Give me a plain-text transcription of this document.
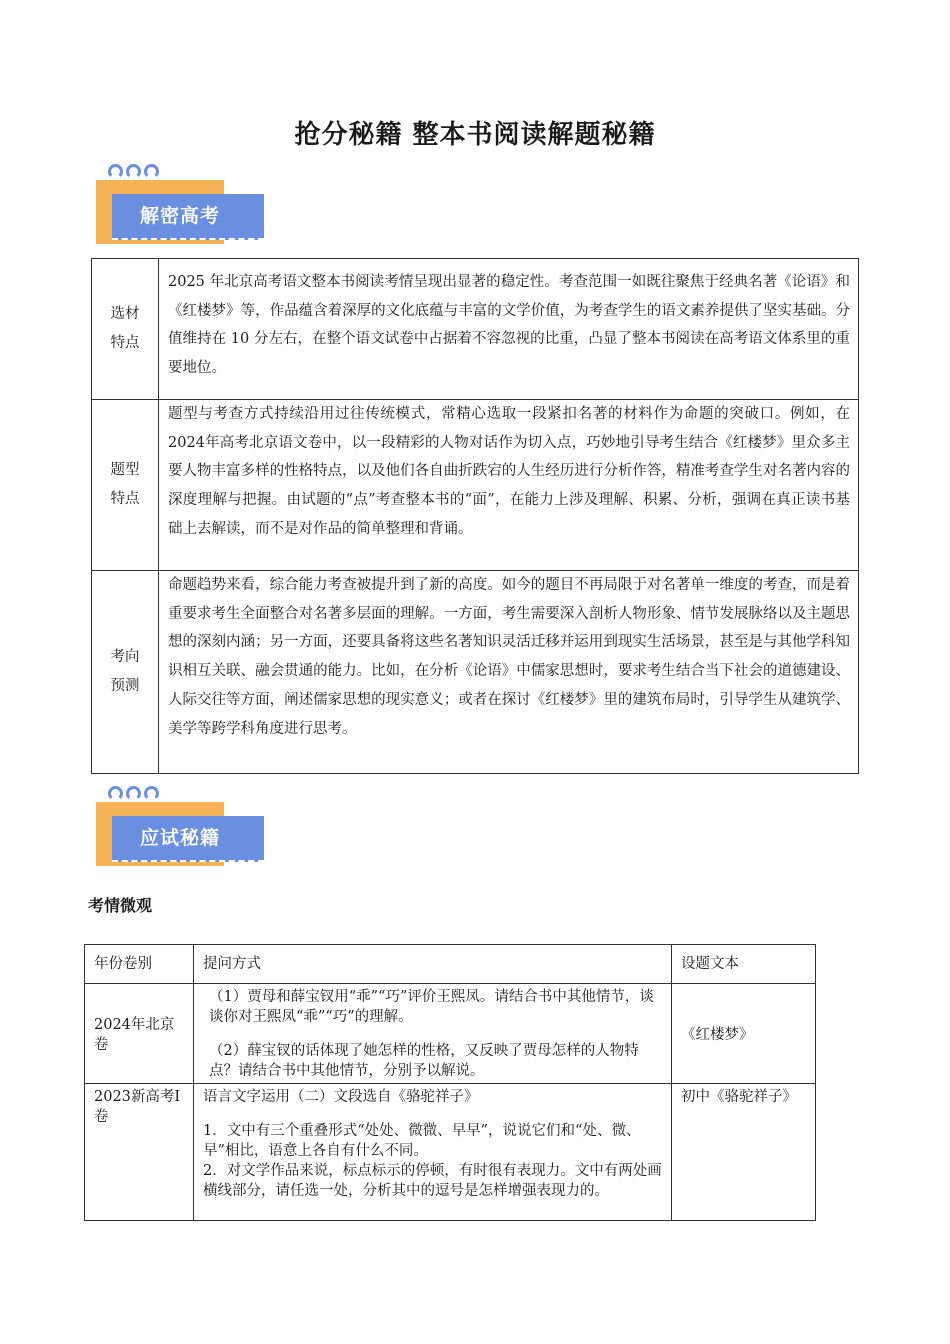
抢分秘籍 整本书阅读解题秘籍
解密高考
选材
特点	2025 年北京高考语文整本书阅读考情呈现出显著的稳定性。考查范围一如既往聚焦于经典名著《论语》和《红楼梦》等，作品蕴含着深厚的文化底蕴与丰富的文学价值，为考查学生的语文素养提供了坚实基础。分值维持在 10 分左右，在整个语文试卷中占据着不容忽视的比重，凸显了整本书阅读在高考语文体系里的重要地位。

题型
特点	题型与考查方式持续沿用过往传统模式，常精心选取一段紧扣名著的材料作为命题的突破口。例如，在2024年高考北京语文卷中，以一段精彩的人物对话作为切入点，巧妙地引导考生结合《红楼梦》里众多主要人物丰富多样的性格特点，以及他们各自曲折跌宕的人生经历进行分析作答，精准考查学生对名著内容的深度理解与把握。由试题的“点”考查整本书的“面”，在能力上涉及理解、积累、分析，强调在真正读书基础上去解读，而不是对作品的简单整理和背诵。

考向
预测	命题趋势来看，综合能力考查被提升到了新的高度。如今的题目不再局限于对名著单一维度的考查，而是着重要求考生全面整合对名著多层面的理解。一方面，考生需要深入剖析人物形象、情节发展脉络以及主题思想的深刻内涵；另一方面，还要具备将这些名著知识灵活迁移并运用到现实生活场景，甚至是与其他学科知识相互关联、融会贯通的能力。比如，在分析《论语》中儒家思想时，要求考生结合当下社会的道德建设、人际交往等方面，阐述儒家思想的现实意义；或者在探讨《红楼梦》里的建筑布局时，引导学生从建筑学、美学等跨学科角度进行思考。
应试秘籍
考情微观
年份卷别	提问方式	设题文本
2024年北京卷	（1）贾母和薛宝钗用“乖”“巧”评价王熙凤。请结合书中其他情节，谈谈你对王熙凤“乖”“巧”的理解。
（2）薛宝钗的话体现了她怎样的性格，又反映了贾母怎样的人物特点？请结合书中其他情节，分别予以解说。	《红楼梦》
2023新高考Ⅰ卷	语言文字运用（二）文段选自《骆驼祥子》
1．文中有三个重叠形式“处处、微微、早早”，说说它们和“处、微、早”相比，语意上各自有什么不同。
2．对文学作品来说，标点标示的停顿，有时很有表现力。文中有两处画横线部分，请任选一处，分析其中的逗号是怎样增强表现力的。	初中《骆驼祥子》
